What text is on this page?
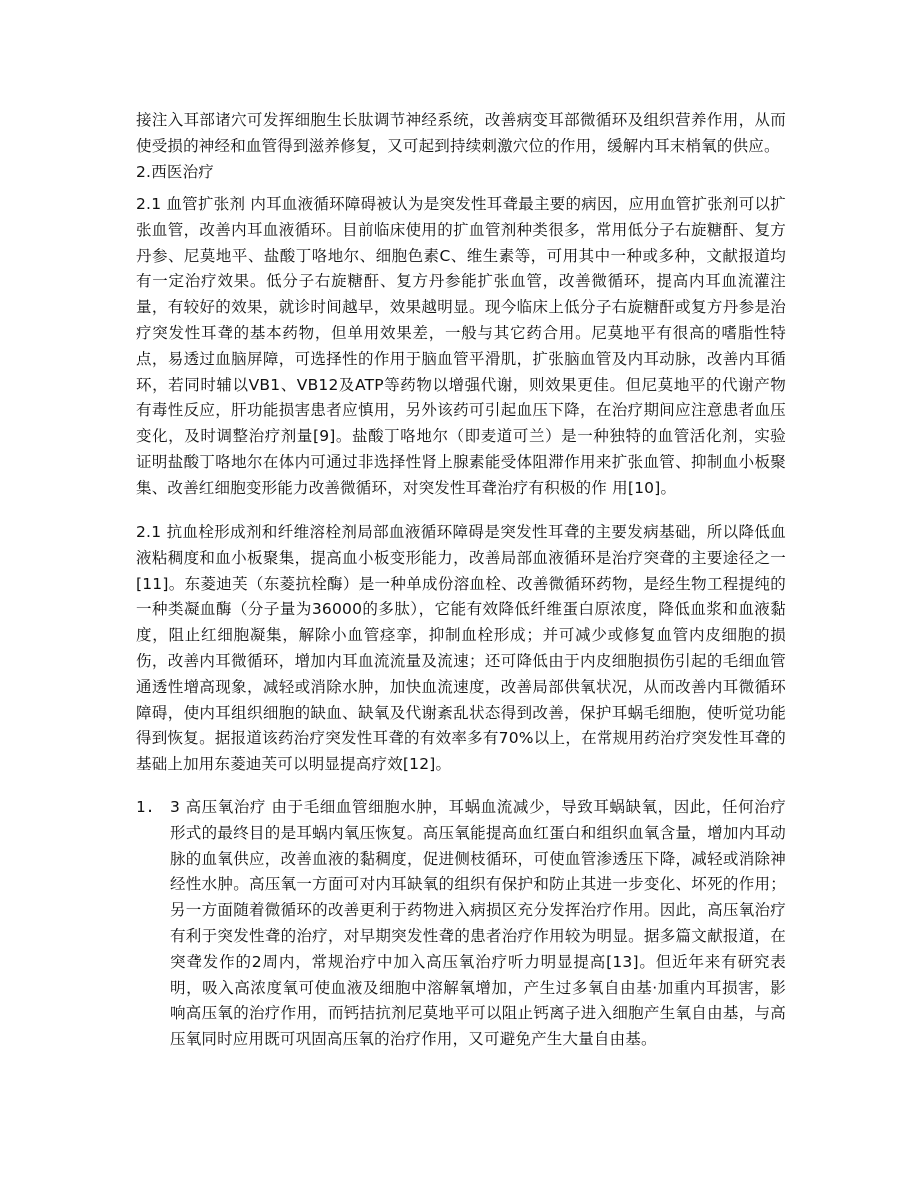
接注入耳部诸穴可发挥细胞生长肽调节神经系统，改善病变耳部微循环及组织营养作用，从而使受损的神经和血管得到滋养修复，又可起到持续刺激穴位的作用，缓解内耳末梢氧的供应。
2.西医治疗
2.1 血管扩张剂 内耳血液循环障碍被认为是突发性耳聋最主要的病因，应用血管扩张剂可以扩张血管，改善内耳血液循环。目前临床使用的扩血管剂种类很多，常用低分子右旋糖酐、复方丹参、尼莫地平、盐酸丁咯地尔、细胞色素C、维生素等，可用其中一种或多种，文献报道均有一定治疗效果。低分子右旋糖酐、复方丹参能扩张血管，改善微循环，提高内耳血流灌注量，有较好的效果，就诊时间越早，效果越明显。现今临床上低分子右旋糖酐或复方丹参是治疗突发性耳聋的基本药物，但单用效果差，一般与其它药合用。尼莫地平有很高的嗜脂性特点，易透过血脑屏障，可选择性的作用于脑血管平滑肌，扩张脑血管及内耳动脉，改善内耳循环，若同时辅以VB1、VB12及ATP等药物以增强代谢，则效果更佳。但尼莫地平的代谢产物有毒性反应，肝功能损害患者应慎用，另外该药可引起血压下降，在治疗期间应注意患者血压变化，及时调整治疗剂量[9]。盐酸丁咯地尔（即麦道可兰）是一种独特的血管活化剂，实验证明盐酸丁咯地尔在体内可通过非选择性肾上腺素能受体阻滞作用来扩张血管、抑制血小板聚集、改善红细胞变形能力改善微循环，对突发性耳聋治疗有积极的作 用[10]。
2.1 抗血栓形成剂和纤维溶栓剂局部血液循环障碍是突发性耳聋的主要发病基础，所以降低血液粘稠度和血小板聚集，提高血小板变形能力，改善局部血液循环是治疗突聋的主要途径之一[11]。东菱迪芙（东菱抗栓酶）是一种单成份溶血栓、改善微循环药物，是经生物工程提纯的一种类凝血酶（分子量为36000的多肽），它能有效降低纤维蛋白原浓度，降低血浆和血液黏度，阻止红细胞凝集，解除小血管痉挛，抑制血栓形成；并可减少或修复血管内皮细胞的损伤，改善内耳微循环，增加内耳血流流量及流速；还可降低由于内皮细胞损伤引起的毛细血管通透性增高现象，减轻或消除水肿，加快血流速度，改善局部供氧状况，从而改善内耳微循环障碍，使内耳组织细胞的缺血、缺氧及代谢紊乱状态得到改善，保护耳蜗毛细胞，使听觉功能得到恢复。据报道该药治疗突发性耳聋的有效率多有70%以上，在常规用药治疗突发性耳聋的基础上加用东菱迪芙可以明显提高疗效[12]。
1. 3 高压氧治疗 由于毛细血管细胞水肿，耳蜗血流减少，导致耳蜗缺氧，因此，任何治疗形式的最终目的是耳蜗内氧压恢复。高压氧能提高血红蛋白和组织血氧含量，增加内耳动脉的血氧供应，改善血液的黏稠度，促进侧枝循环，可使血管渗透压下降，减轻或消除神经性水肿。高压氧一方面可对内耳缺氧的组织有保护和防止其进一步变化、坏死的作用；另一方面随着微循环的改善更利于药物进入病损区充分发挥治疗作用。因此，高压氧治疗有利于突发性聋的治疗，对早期突发性聋的患者治疗作用较为明显。据多篇文献报道，在突聋发作的2周内，常规治疗中加入高压氧治疗听力明显提高[13]。但近年来有研究表明，吸入高浓度氧可使血液及细胞中溶解氧增加，产生过多氧自由基·加重内耳损害，影响高压氧的治疗作用，而钙拮抗剂尼莫地平可以阻止钙离子进入细胞产生氧自由基，与高压氧同时应用既可巩固高压氧的治疗作用，又可避免产生大量自由基。
